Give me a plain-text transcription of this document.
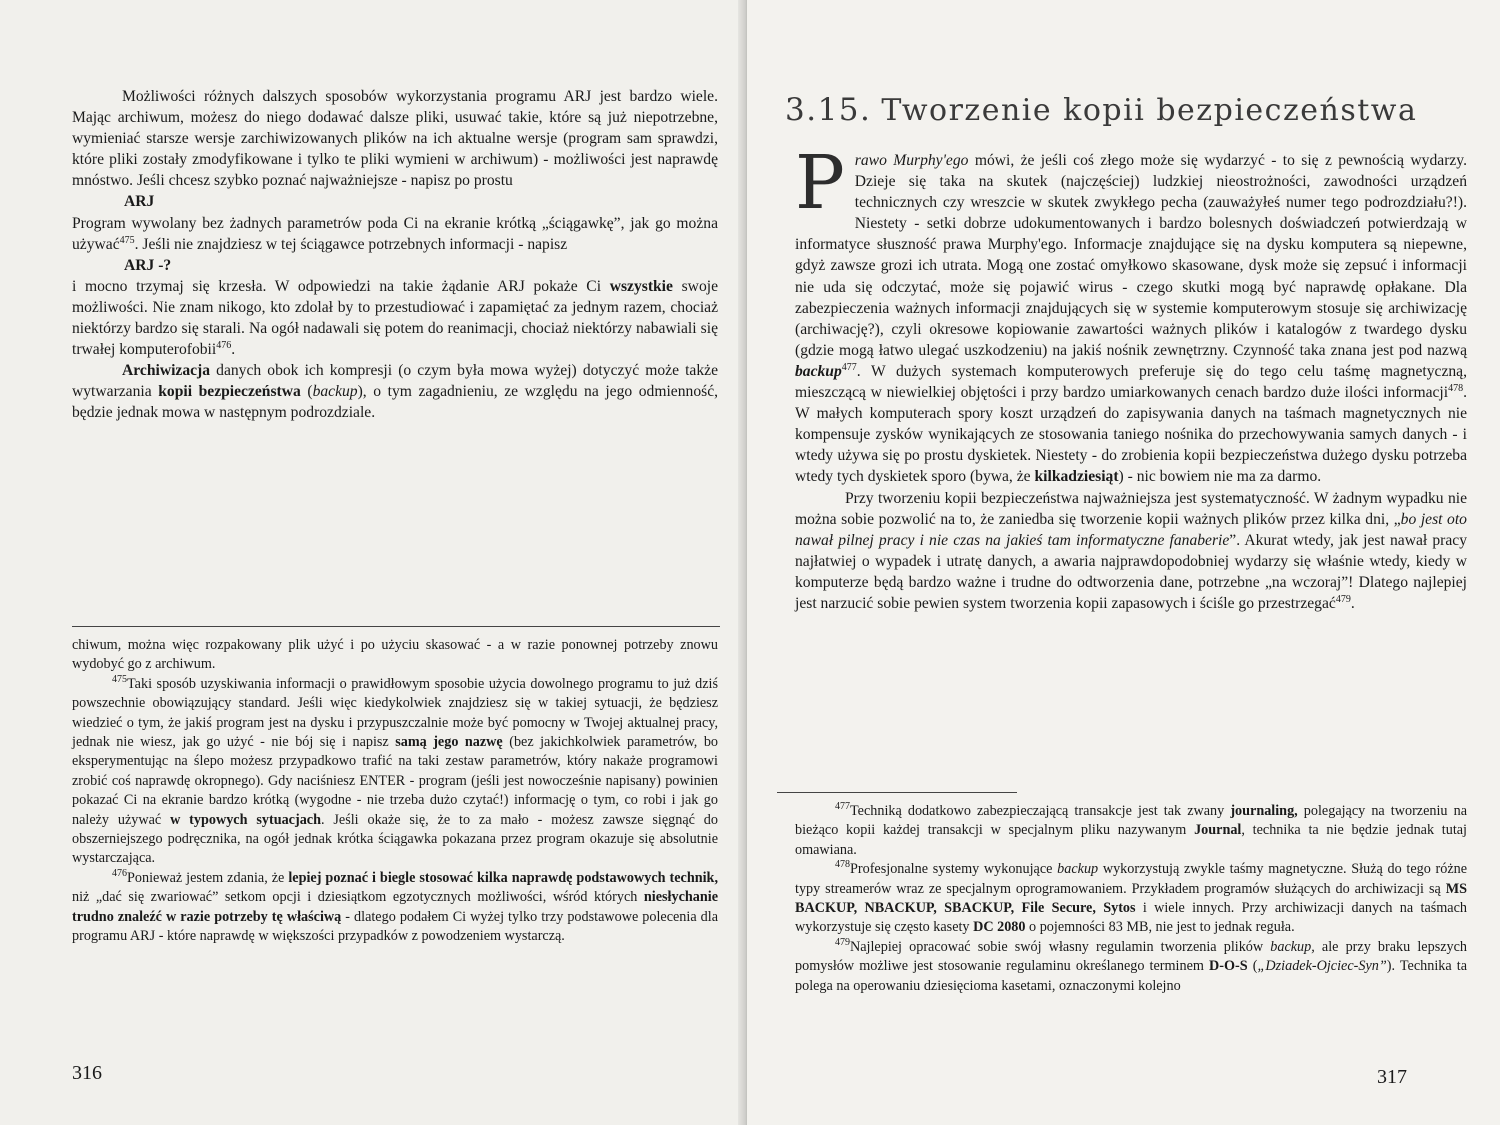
Możliwości różnych dalszych sposobów wykorzystania programu ARJ jest bardzo wiele. Mając archiwum, możesz do niego dodawać dalsze pliki, usuwać takie, które są już niepotrzebne, wymieniać starsze wersje zarchiwizowanych plików na ich aktualne wersje (program sam sprawdzi, które pliki zostały zmodyfikowane i tylko te pliki wymieni w archiwum) - możliwości jest naprawdę mnóstwo. Jeśli chcesz szybko poznać najważniejsze - napisz po prostu

ARJ

Program wywolany bez żadnych parametrów poda Ci na ekranie krótką „ściągawkę”, jak go można używać$^{475}$. Jeśli nie znajdziesz w tej ściągawce potrzebnych informacji - napisz

ARJ -?

i mocno trzymaj się krzesła. W odpowiedzi na takie żądanie ARJ pokaże Ci wszystkie swoje możliwości. Nie znam nikogo, kto zdolał by to przestudiować i zapamiętać za jednym razem, chociaż niektórzy bardzo się starali. Na ogół nadawali się potem do reanimacji, chociaż niektórzy nabawiali się trwałej komputerofobii$^{476}$.

Archiwizacja danych obok ich kompresji (o czym była mowa wyżej) dotyczyć może także wytwarzania kopii bezpieczeństwa (backup), o tym zagadnieniu, ze względu na jego odmienność, będzie jednak mowa w następnym podrozdziale.

chiwum, można więc rozpakowany plik użyć i po użyciu skasować - a w razie ponownej potrzeby znowu wydobyć go z archiwum.

$^{475}$Taki sposób uzyskiwania informacji o prawidłowym sposobie użycia dowolnego programu to już dziś powszechnie obowiązujący standard. Jeśli więc kiedykolwiek znajdziesz się w takiej sytuacji, że będziesz wiedzieć o tym, że jakiś program jest na dysku i przypuszczalnie może być pomocny w Twojej aktualnej pracy, jednak nie wiesz, jak go użyć - nie bój się i napisz samą jego nazwę (bez jakichkolwiek parametrów, bo eksperymentując na ślepo możesz przypadkowo trafić na taki zestaw parametrów, który nakaże programowi zrobić coś naprawdę okropnego). Gdy naciśniesz ENTER - program (jeśli jest nowocześnie napisany) powinien pokazać Ci na ekranie bardzo krótką (wygodne - nie trzeba dużo czytać!) informację o tym, co robi i jak go należy używać w typowych sytuacjach. Jeśli okaże się, że to za mało - możesz zawsze sięgnąć do obszerniejszego podręcznika, na ogół jednak krótka ściągawka pokazana przez program okazuje się absolutnie wystarczająca.

$^{476}$Ponieważ jestem zdania, że lepiej poznać i biegle stosować kilka naprawdę podstawowych technik, niż „dać się zwariować” setkom opcji i dziesiątkom egzotycznych możliwości, wśród których niesłychanie trudno znaleźć w razie potrzeby tę właściwą - dlatego podałem Ci wyżej tylko trzy podstawowe polecenia dla programu ARJ - które naprawdę w większości przypadków z powodzeniem wystarczą.

316
3.15. Tworzenie kopii bezpieczeństwa

Prawo Murphy'ego mówi, że jeśli coś złego może się wydarzyć - to się z pewnością wydarzy. Dzieje się taka na skutek (najczęściej) ludzkiej nieostrożności, zawodności urządzeń technicznych czy wreszcie w skutek zwykłego pecha (zauważyłeś numer tego podrozdziału?!). Niestety - setki dobrze udokumentowanych i bardzo bolesnych doświadczeń potwierdzają w informatyce słuszność prawa Murphy'ego. Informacje znajdujące się na dysku komputera są niepewne, gdyż zawsze grozi ich utrata. Mogą one zostać omyłkowo skasowane, dysk może się zepsuć i informacji nie uda się odczytać, może się pojawić wirus - czego skutki mogą być naprawdę opłakane. Dla zabezpieczenia ważnych informacji znajdujących się w systemie komputerowym stosuje się archiwizację (archiwację?), czyli okresowe kopiowanie zawartości ważnych plików i katalogów z twardego dysku (gdzie mogą łatwo ulegać uszkodzeniu) na jakiś nośnik zewnętrzny. Czynność taka znana jest pod nazwą backup$^{477}$. W dużych systemach komputerowych preferuje się do tego celu taśmę magnetyczną, mieszczącą w niewielkiej objętości i przy bardzo umiarkowanych cenach bardzo duże ilości informacji$^{478}$. W małych komputerach spory koszt urządzeń do zapisywania danych na taśmach magnetycznych nie kompensuje zysków wynikających ze stosowania taniego nośnika do przechowywania samych danych - i wtedy używa się po prostu dyskietek. Niestety - do zrobienia kopii bezpieczeństwa dużego dysku potrzeba wtedy tych dyskietek sporo (bywa, że kilkadziesiąt) - nic bowiem nie ma za darmo.

Przy tworzeniu kopii bezpieczeństwa najważniejsza jest systematyczność. W żadnym wypadku nie można sobie pozwolić na to, że zaniedba się tworzenie kopii ważnych plików przez kilka dni, „bo jest oto nawał pilnej pracy i nie czas na jakieś tam informatyczne fanaberie”. Akurat wtedy, jak jest nawał pracy najłatwiej o wypadek i utratę danych, a awaria najprawdopodobniej wydarzy się właśnie wtedy, kiedy w komputerze będą bardzo ważne i trudne do odtworzenia dane, potrzebne „na wczoraj”! Dlatego najlepiej jest narzucić sobie pewien system tworzenia kopii zapasowych i ściśle go przestrzegać$^{479}$.

$^{477}$Techniką dodatkowo zabezpieczającą transakcje jest tak zwany journaling, polegający na tworzeniu na bieżąco kopii każdej transakcji w specjalnym pliku nazywanym Journal, technika ta nie będzie jednak tutaj omawiana.

$^{478}$Profesjonalne systemy wykonujące backup wykorzystują zwykle taśmy magnetyczne. Służą do tego różne typy streamerów wraz ze specjalnym oprogramowaniem. Przykładem programów służących do archiwizacji są MS BACKUP, NBACKUP, SBACKUP, File Secure, Sytos i wiele innych. Przy archiwizacji danych na taśmach wykorzystuje się często kasety DC 2080 o pojemności 83 MB, nie jest to jednak reguła.

$^{479}$Najlepiej opracować sobie swój własny regulamin tworzenia plików backup, ale przy braku lepszych pomysłów możliwe jest stosowanie regulaminu określanego terminem D-O-S („Dziadek-Ojciec-Syn”). Technika ta polega na operowaniu dziesięcioma kasetami, oznaczonymi kolejno

317
